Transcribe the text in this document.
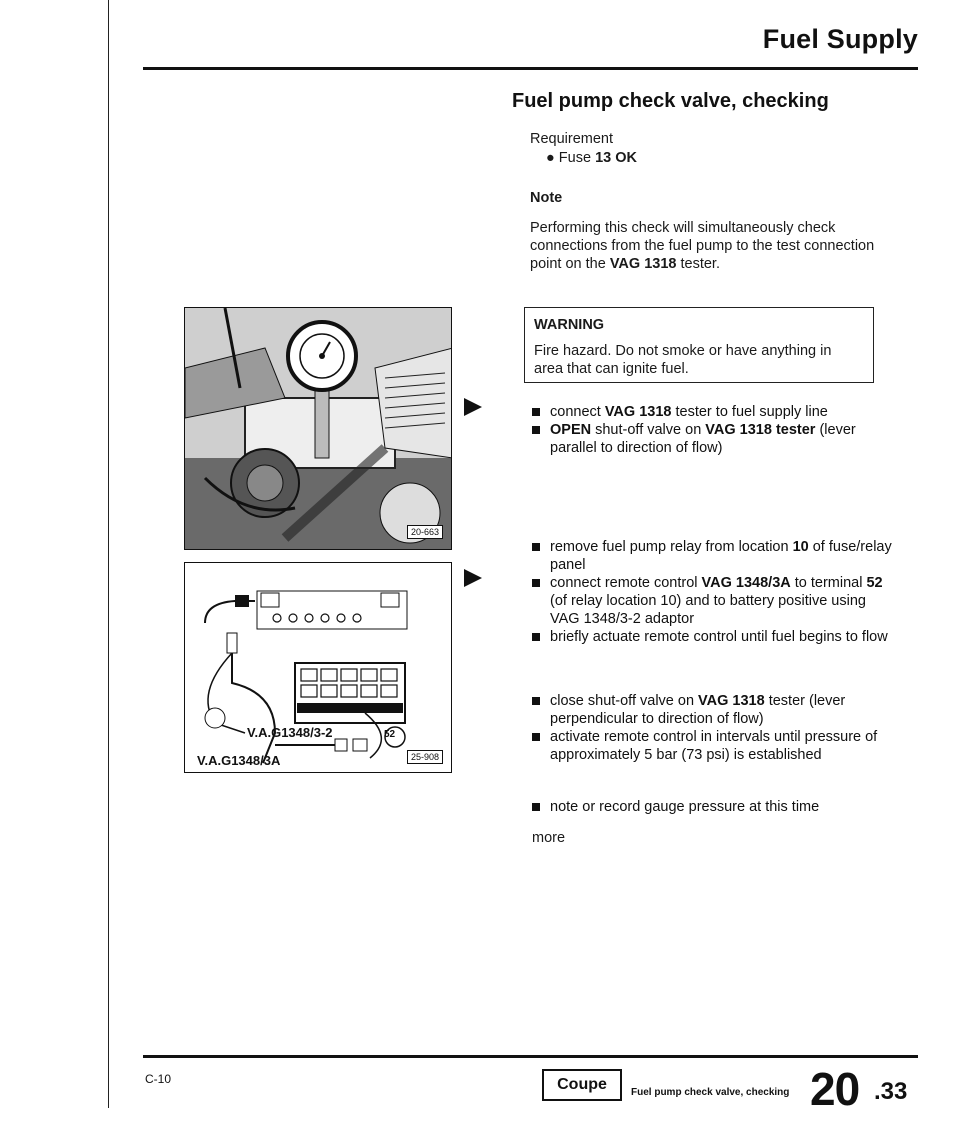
Fuel Supply
Fuel pump check valve, checking
Requirement
● Fuse 13 OK
Note
Performing this check will simultaneously check connections from the fuel pump to the test connection point on the VAG 1318 tester.
WARNING
Fire hazard. Do not smoke or have anything in area that can ignite fuel.
20-663
52
V.A.G1348/3-2
V.A.G1348/3A	25-908
connect VAG 1318 tester to fuel supply line
OPEN shut-off valve on VAG 1318 tester (lever parallel to direction of flow)
remove fuel pump relay from location 10 of fuse/relay panel
connect remote control VAG 1348/3A to terminal 52 (of relay location 10) and to battery positive using VAG 1348/3-2 adaptor
briefly actuate remote control until fuel begins to flow
close shut-off valve on VAG 1318 tester (lever perpendicular to direction of flow)
activate remote control in intervals until pressure of approximately 5 bar (73 psi) is established
note or record gauge pressure at this time
more
C-10	Coupe	Fuel pump check valve, checking 20 .33
